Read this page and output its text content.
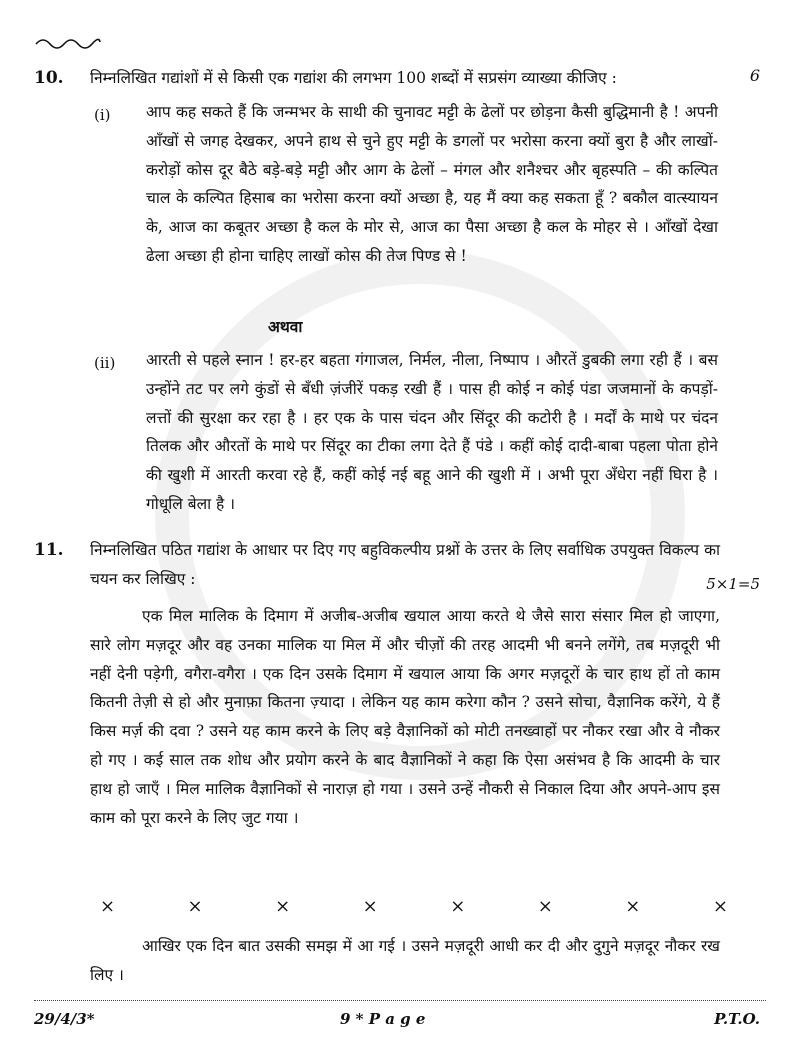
10. निम्नलिखित गद्यांशों में से किसी एक गद्यांश की लगभग 100 शब्दों में सप्रसंग व्याख्या कीजिए :	6
(i) आप कह सकते हैं कि जन्मभर के साथी की चुनावट मट्टी के ढेलों पर छोड़ना कैसी बुद्धिमानी है ! अपनी आँखों से जगह देखकर, अपने हाथ से चुने हुए मट्टी के डगलों पर भरोसा करना क्यों बुरा है और लाखों-करोड़ों कोस दूर बैठे बड़े-बड़े मट्टी और आग के ढेलों – मंगल और शनैश्चर और बृहस्पति – की कल्पित चाल के कल्पित हिसाब का भरोसा करना क्यों अच्छा है, यह मैं क्या कह सकता हूँ ? बकौल वात्स्यायन के, आज का कबूतर अच्छा है कल के मोर से, आज का पैसा अच्छा है कल के मोहर से । आँखों देखा ढेला अच्छा ही होना चाहिए लाखों कोस की तेज पिण्ड से !
अथवा
(ii) आरती से पहले स्नान ! हर-हर बहता गंगाजल, निर्मल, नीला, निष्पाप । औरतें डुबकी लगा रही हैं । बस उन्होंने तट पर लगे कुंडों से बँधी ज़ंजीरें पकड़ रखी हैं । पास ही कोई न कोई पंडा जजमानों के कपड़ों-लत्तों की सुरक्षा कर रहा है । हर एक के पास चंदन और सिंदूर की कटोरी है । मर्दों के माथे पर चंदन तिलक और औरतों के माथे पर सिंदूर का टीका लगा देते हैं पंडे । कहीं कोई दादी-बाबा पहला पोता होने की खुशी में आरती करवा रहे हैं, कहीं कोई नई बहू आने की खुशी में । अभी पूरा अँधेरा नहीं घिरा है । गोधूलि बेला है ।
11. निम्नलिखित पठित गद्यांश के आधार पर दिए गए बहुविकल्पीय प्रश्नों के उत्तर के लिए सर्वाधिक उपयुक्त विकल्प का चयन कर लिखिए :	5×1=5
एक मिल मालिक के दिमाग में अजीब-अजीब खयाल आया करते थे जैसे सारा संसार मिल हो जाएगा, सारे लोग मज़दूर और वह उनका मालिक या मिल में और चीज़ों की तरह आदमी भी बनने लगेंगे, तब मज़दूरी भी नहीं देनी पड़ेगी, वगैरा-वगैरा । एक दिन उसके दिमाग में खयाल आया कि अगर मज़दूरों के चार हाथ हों तो काम कितनी तेज़ी से हो और मुनाफ़ा कितना ज़्यादा । लेकिन यह काम करेगा कौन ? उसने सोचा, वैज्ञानिक करेंगे, ये हैं किस मर्ज़ की दवा ? उसने यह काम करने के लिए बड़े वैज्ञानिकों को मोटी तनख्वाहों पर नौकर रखा और वे नौकर हो गए । कई साल तक शोध और प्रयोग करने के बाद वैज्ञानिकों ने कहा कि ऐसा असंभव है कि आदमी के चार हाथ हो जाएँ । मिल मालिक वैज्ञानिकों से नाराज़ हो गया । उसने उन्हें नौकरी से निकाल दिया और अपने-आप इस काम को पूरा करने के लिए जुट गया ।
×	×	×	×	×	×	×	×
आखिर एक दिन बात उसकी समझ में आ गई । उसने मज़दूरी आधी कर दी और दुगुने मज़दूर नौकर रख लिए ।
29/4/3*	9 * P a g e	P.T.O.
